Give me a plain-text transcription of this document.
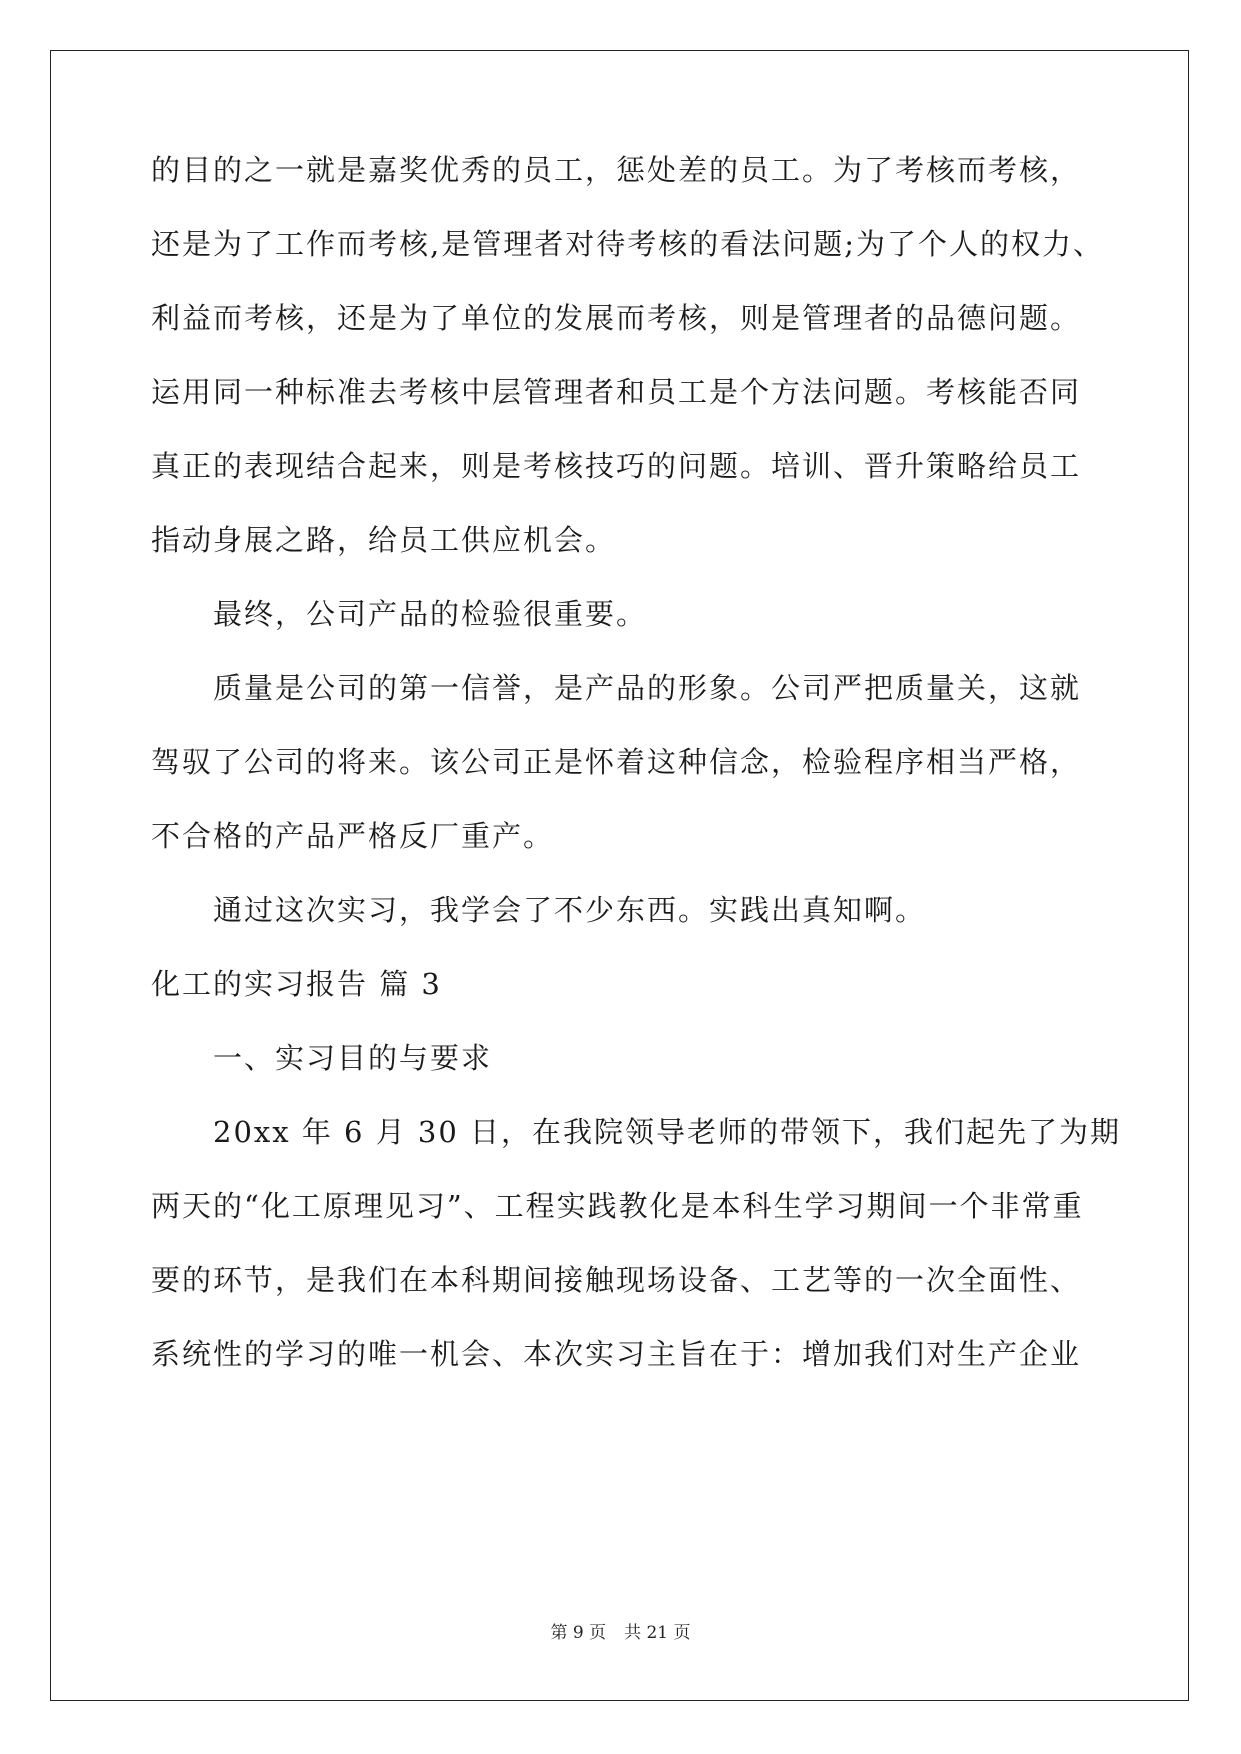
的目的之一就是嘉奖优秀的员工，惩处差的员工。为了考核而考核，
还是为了工作而考核,是管理者对待考核的看法问题;为了个人的权力、
利益而考核，还是为了单位的发展而考核，则是管理者的品德问题。
运用同一种标准去考核中层管理者和员工是个方法问题。考核能否同
真正的表现结合起来，则是考核技巧的问题。培训、晋升策略给员工
指动身展之路，给员工供应机会。
最终，公司产品的检验很重要。
质量是公司的第一信誉，是产品的形象。公司严把质量关，这就
驾驭了公司的将来。该公司正是怀着这种信念，检验程序相当严格，
不合格的产品严格反厂重产。
通过这次实习，我学会了不少东西。实践出真知啊。
化工的实习报告 篇 3
一、实习目的与要求
20xx 年 6 月 30 日，在我院领导老师的带领下，我们起先了为期
两天的“化工原理见习”、工程实践教化是本科生学习期间一个非常重
要的环节，是我们在本科期间接触现场设备、工艺等的一次全面性、
系统性的学习的唯一机会、本次实习主旨在于：增加我们对生产企业
第 9 页 共 21 页
